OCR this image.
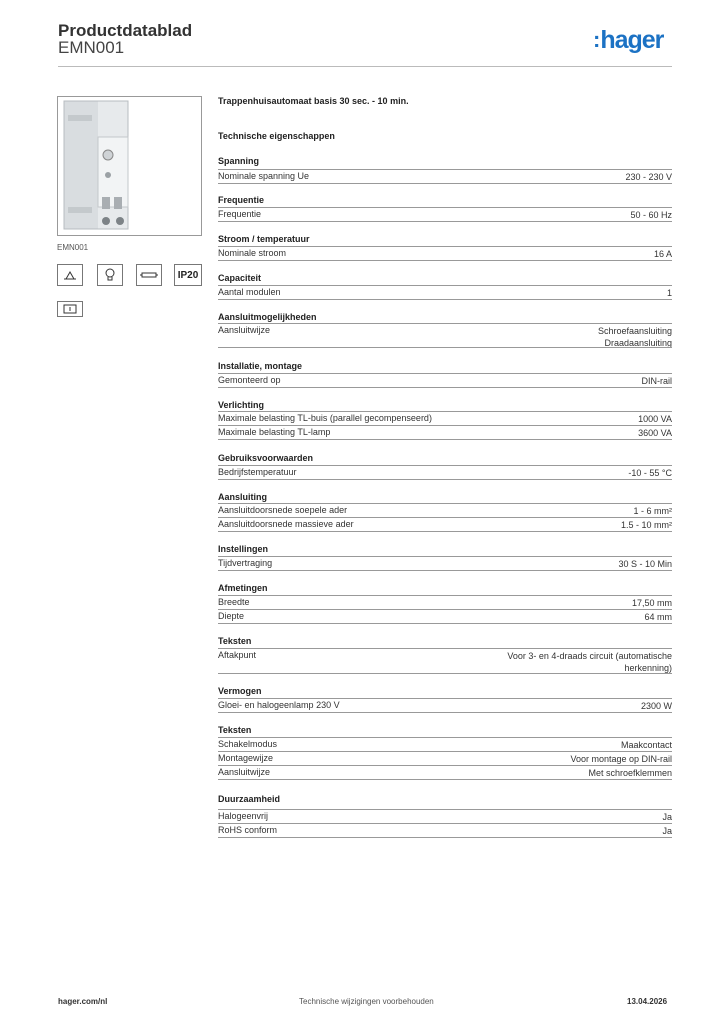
Productdatablad
EMN001	:hager
EMN001
IP20
Trappenhuisautomaat basis 30 sec. - 10 min.
Technische eigenschappen
Spanning
Nominale spanning Ue	230 - 230 V
Frequentie
Frequentie	50 - 60 Hz
Stroom / temperatuur
Nominale stroom	16 A
Capaciteit
Aantal modulen	1
Aansluitmogelijkheden
Aansluitwijze	Schroefaansluiting
Draadaansluiting
Installatie, montage
Gemonteerd op	DIN-rail
Verlichting
Maximale belasting TL-buis (parallel gecompenseerd)	1000 VA
Maximale belasting TL-lamp	3600 VA
Gebruiksvoorwaarden
Bedrijfstemperatuur	-10 - 55 °C
Aansluiting
Aansluitdoorsnede soepele ader	1 - 6 mm²
Aansluitdoorsnede massieve ader	1.5 - 10 mm²
Instellingen
Tijdvertraging	30 S - 10 Min
Afmetingen
Breedte	17,50 mm
Diepte	64 mm
Teksten
Aftakpunt	Voor 3- en 4-draads circuit (automatische
herkenning)
Vermogen
Gloei- en halogeenlamp 230 V	2300 W
Teksten
Schakelmodus	Maakcontact
Montagewijze	Voor montage op DIN-rail
Aansluitwijze	Met schroefklemmen
Duurzaamheid
Halogeenvrij	Ja
RoHS conform	Ja
hager.com/nl	Technische wijzigingen voorbehouden	13.04.2026
